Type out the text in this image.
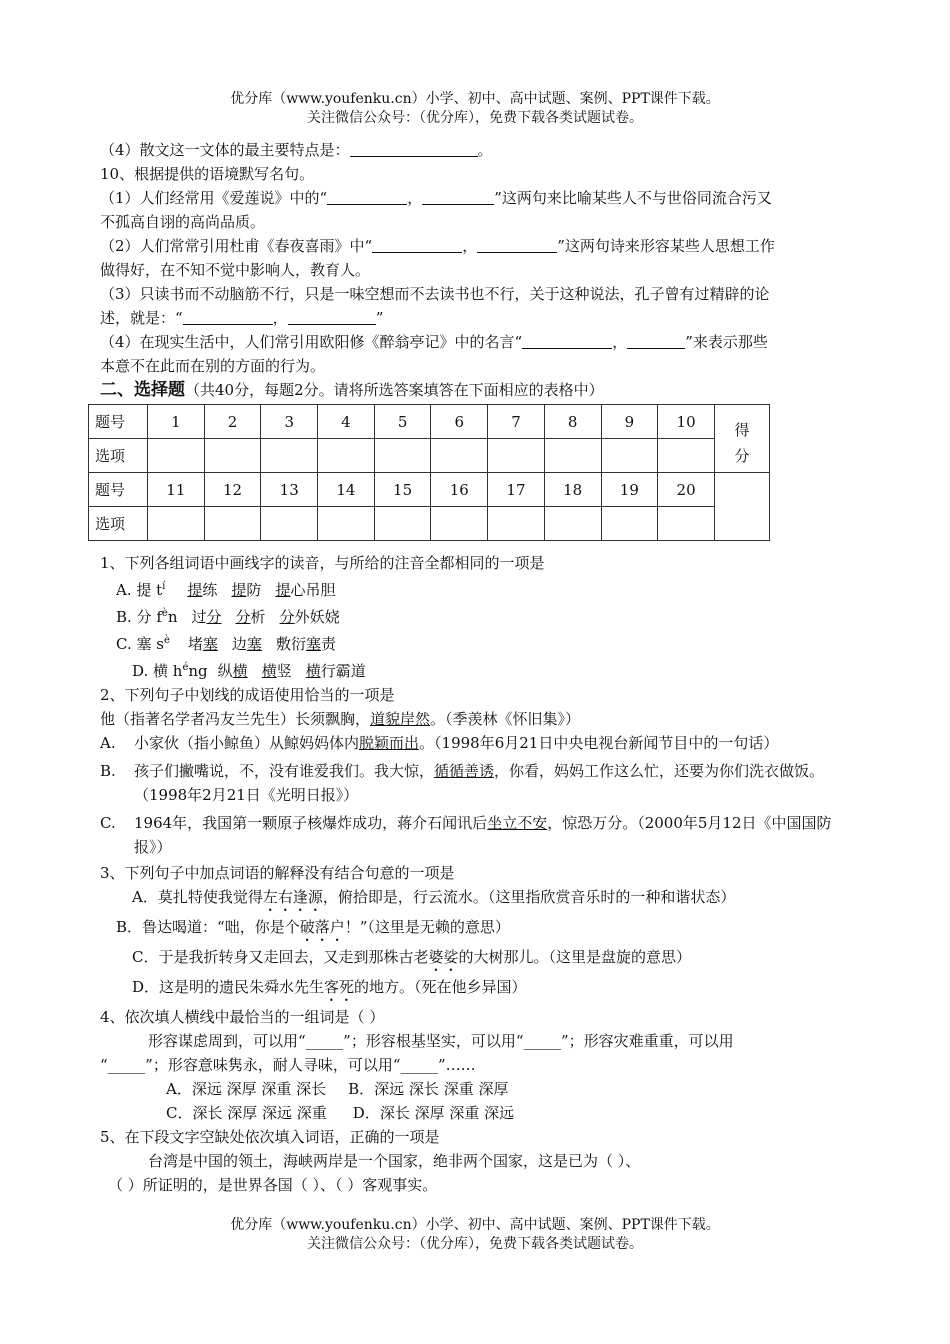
优分库（www.youfenku.cn）小学、初中、高中试题、案例、PPT课件下载。
关注微信公众号：（优分库），免费下载各类试题试卷。
（4）散文这一文体的最主要特点是：	。
10、根据提供的语境默写名句。
（1）人们经常用《爱莲说》中的“	，	”这两句来比喻某些人不与世俗同流合污又
不孤高自诩的高尚品质。
（2）人们常常引用杜甫《春夜喜雨》中“	，	”这两句诗来形容某些人思想工作
做得好，在不知不觉中影响人，教育人。
（3）只读书而不动脑筋不行，只是一味空想而不去读书也不行，关于这种说法，孔子曾有过精辟的论
述，就是：“	，	”
（4）在现实生活中，人们常引用欧阳修《醉翁亭记》中的名言“	，	”来表示那些
本意不在此而在别的方面的行为。
二、选择题（共40分，每题2分。请将所选答案填答在下面相应的表格中）
题号	1	2	3	4	5	6	7	8	9	10	得
分

选项											
题号	11	12	13	14	15	16	17	18	19	20	
选项											
1、下列各组词语中画线字的读音，与所给的注音全都相同的一项是
A. 提 $t^í$ 提练 提防 提心吊胆
B. 分 $f^èn$ 过分 分析 分外妖娆
C. 塞 $s^è$ 堵塞 边塞 敷衍塞责
D. 横 $h^éng$ 纵横 横竖 横行霸道
2、下列句子中划线的成语使用恰当的一项是
他（指著名学者冯友兰先生）长须飘胸，道貌岸然。（季羡林《怀旧集》）
A. 小家伙（指小鲸鱼）从鲸妈妈体内脱颖而出。（1998年6月21日中央电视台新闻节目中的一句话）
B. 孩子们撇嘴说，不，没有谁爱我们。我大惊，循循善诱，你看，妈妈工作这么忙，还要为你们洗衣做饭。（1998年2月21日《光明日报》）
C. 1964年，我国第一颗原子核爆炸成功，蒋介石闻讯后坐立不安，惊恐万分。（2000年5月12日《中国国防报》）
3、下列句子中加点词语的解释没有结合句意的一项是
A．莫扎特使我觉得左右逢源，俯拾即是，行云流水。（这里指欣赏音乐时的一种和谐状态）
B．鲁达喝道：“咄，你是个破落户！”（这里是无赖的意思）
C．于是我折转身又走回去，又走到那株古老婆娑的大树那儿。（这里是盘旋的意思）
D．这是明的遗民朱舜水先生客死的地方。（死在他乡异国）
4、依次填人横线中最恰当的一组词是（ ）
形容谋虑周到，可以用“_____”；形容根基坚实，可以用“_____”；形容灾难重重，可以用
“_____”；形容意味隽永，耐人寻味，可以用“_____”……
A．深远 深厚 深重 深长 B．深远 深长 深重 深厚
C．深长 深厚 深远 深重 D．深长 深厚 深重 深远
5、在下段文字空缺处依次填入词语，正确的一项是
台湾是中国的领土，海峡两岸是一个国家，绝非两个国家，这是已为（ ）、
（ ）所证明的，是世界各国（ ）、（ ）客观事实。
优分库（www.youfenku.cn）小学、初中、高中试题、案例、PPT课件下载。
关注微信公众号：（优分库），免费下载各类试题试卷。
